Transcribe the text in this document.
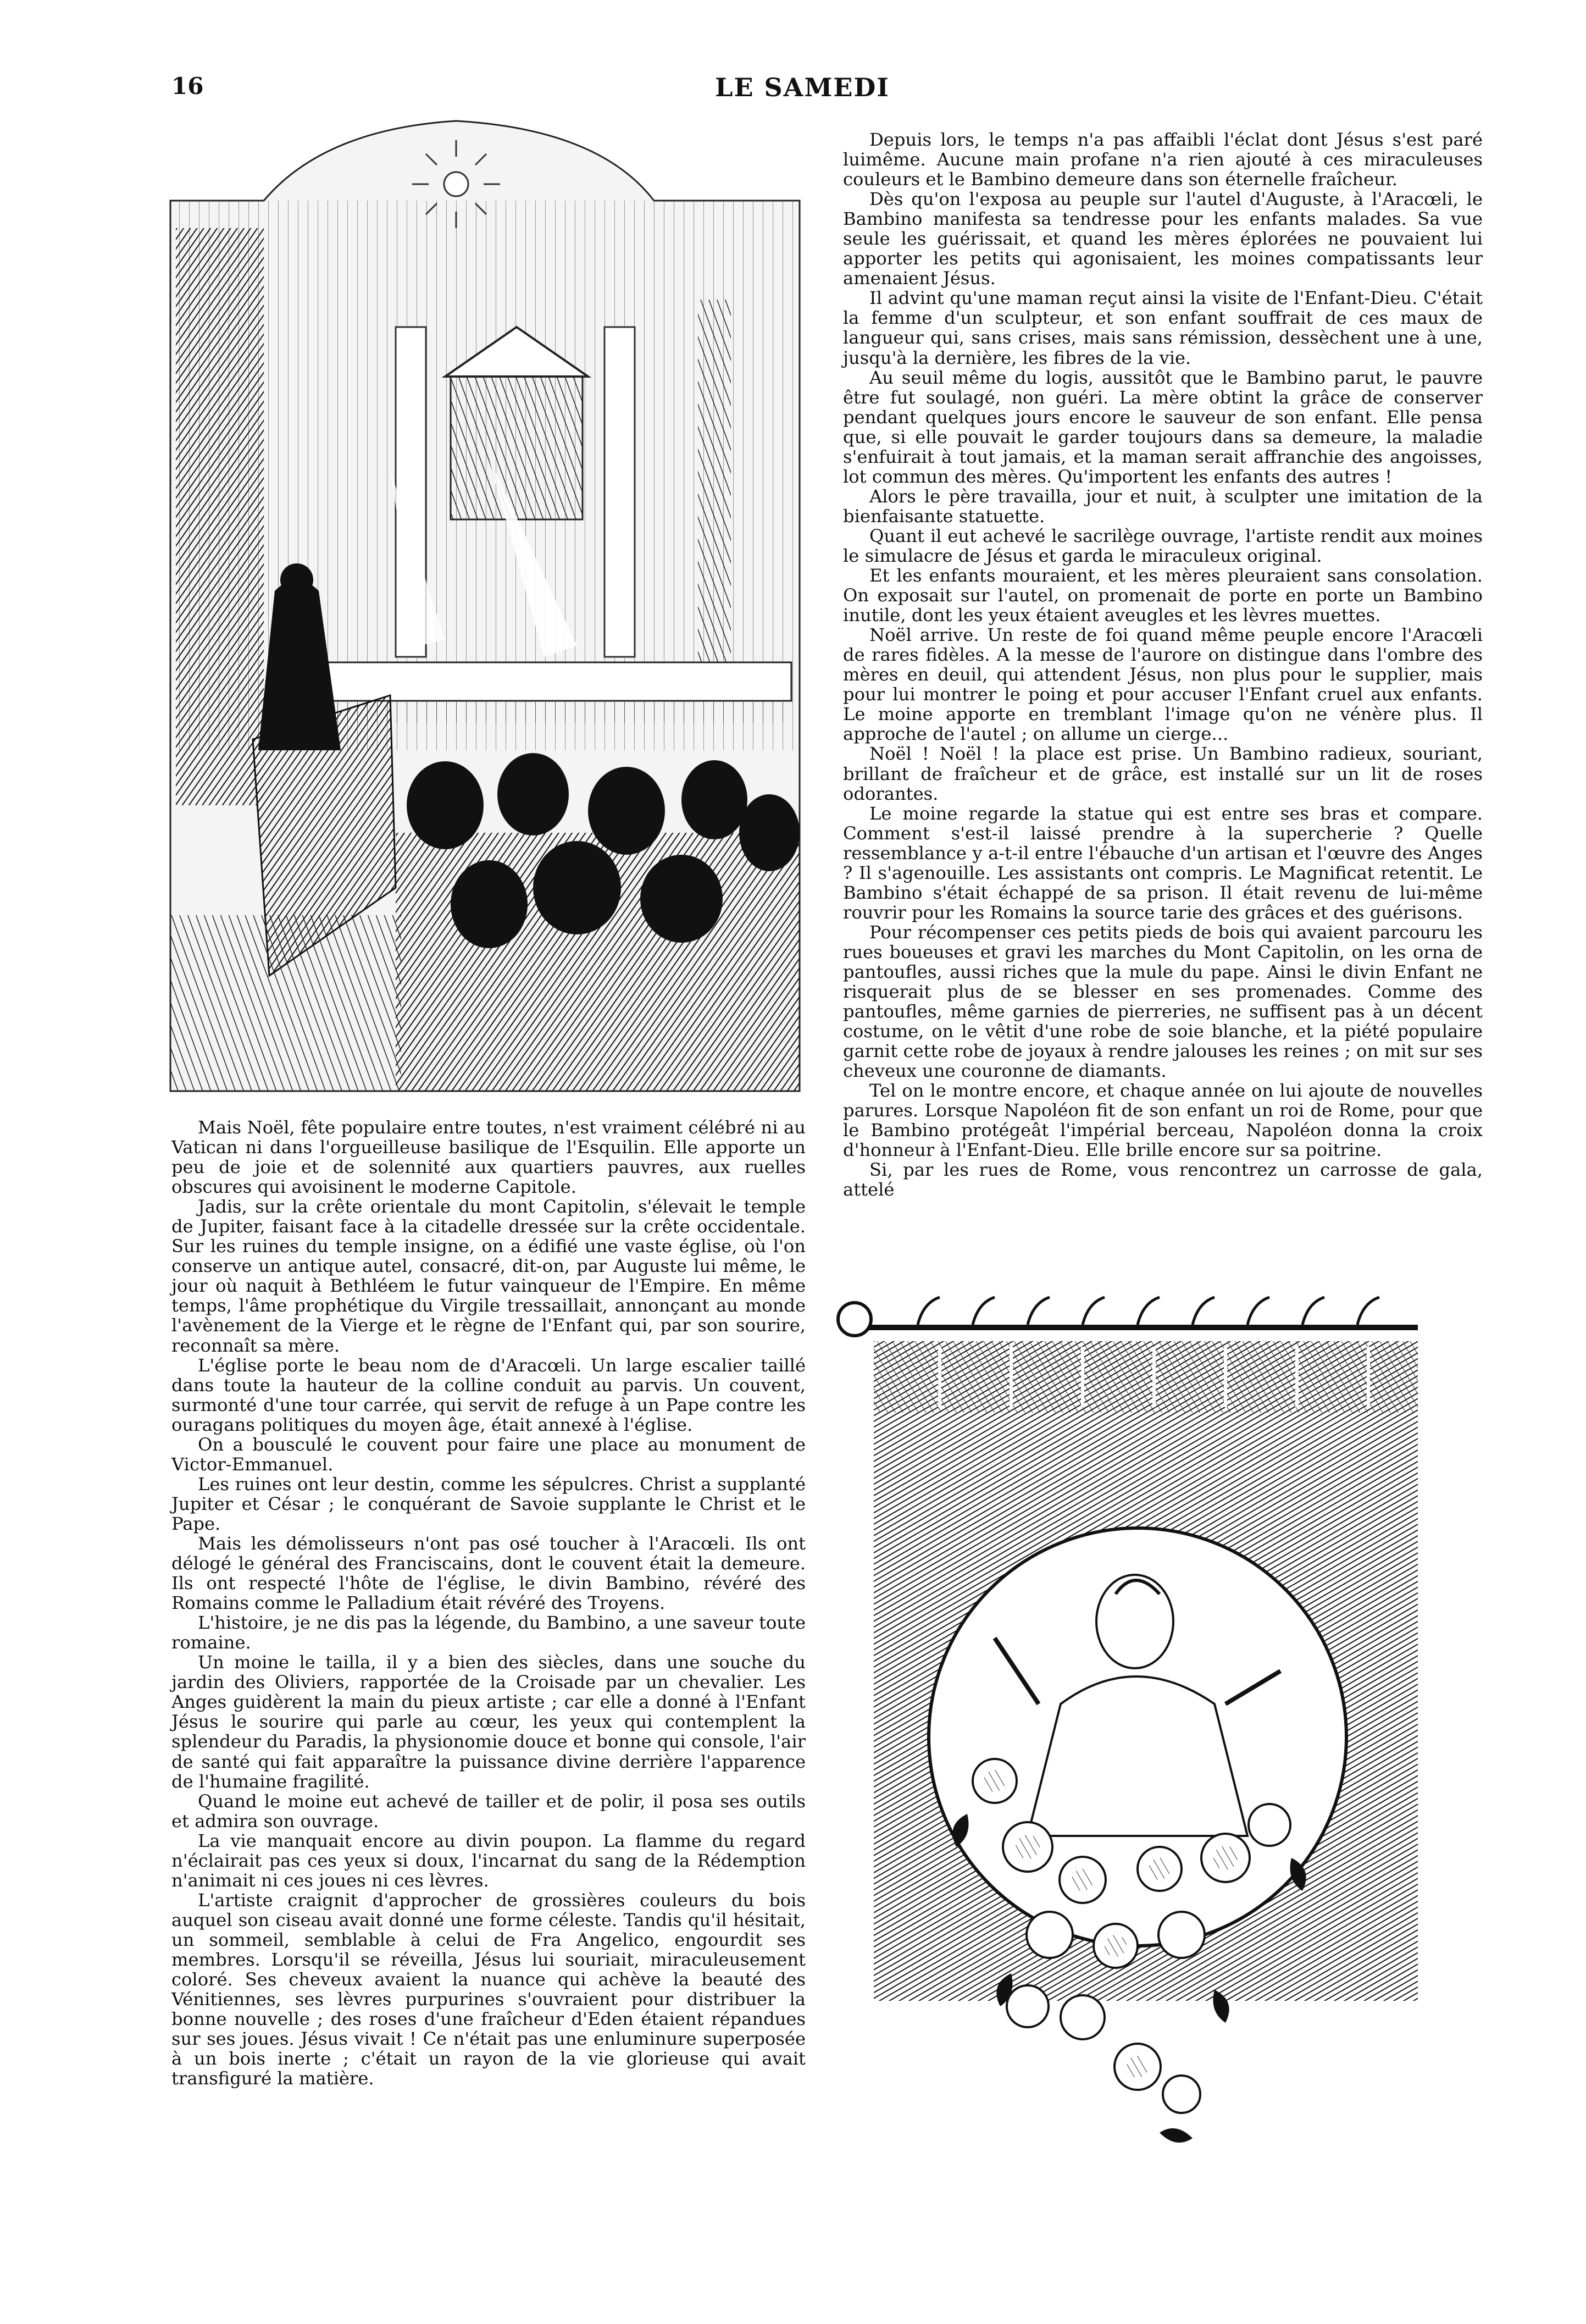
16	LE SAMEDI

Mais Noël, fête populaire entre toutes, n'est vraiment célébré ni au Vatican ni dans l'orgueilleuse basilique de l'Esquilin. Elle apporte un peu de joie et de solennité aux quartiers pauvres, aux ruelles obscures qui avoisinent le moderne Capitole.

Jadis, sur la crête orientale du mont Capitolin, s'élevait le temple de Jupiter, faisant face à la citadelle dressée sur la crête occidentale. Sur les ruines du temple insigne, on a édifié une vaste église, où l'on conserve un antique autel, consacré, dit-on, par Auguste lui même, le jour où naquit à Bethléem le futur vainqueur de l'Empire. En même temps, l'âme prophétique du Virgile tressaillait, annonçant au monde l'avènement de la Vierge et le règne de l'Enfant qui, par son sourire, reconnaît sa mère.

L'église porte le beau nom de d'Aracœli. Un large escalier taillé dans toute la hauteur de la colline conduit au parvis. Un couvent, surmonté d'une tour carrée, qui servit de refuge à un Pape contre les ouragans politiques du moyen âge, était annexé à l'église.

On a bousculé le couvent pour faire une place au monument de Victor-Emmanuel.

Les ruines ont leur destin, comme les sépulcres. Christ a supplanté Jupiter et César ; le conquérant de Savoie supplante le Christ et le Pape.

Mais les démolisseurs n'ont pas osé toucher à l'Aracœli. Ils ont délogé le général des Franciscains, dont le couvent était la demeure. Ils ont respecté l'hôte de l'église, le divin Bambino, révéré des Romains comme le Palladium était révéré des Troyens.

L'histoire, je ne dis pas la légende, du Bambino, a une saveur toute romaine.

Un moine le tailla, il y a bien des siècles, dans une souche du jardin des Oliviers, rapportée de la Croisade par un chevalier. Les Anges guidèrent la main du pieux artiste ; car elle a donné à l'Enfant Jésus le sourire qui parle au cœur, les yeux qui contemplent la splendeur du Paradis, la physionomie douce et bonne qui console, l'air de santé qui fait apparaître la puissance divine derrière l'apparence de l'humaine fragilité.

Quand le moine eut achevé de tailler et de polir, il posa ses outils et admira son ouvrage.

La vie manquait encore au divin poupon. La flamme du regard n'éclairait pas ces yeux si doux, l'incarnat du sang de la Rédemption n'animait ni ces joues ni ces lèvres.

L'artiste craignit d'approcher de grossières couleurs du bois auquel son ciseau avait donné une forme céleste. Tandis qu'il hésitait, un sommeil, semblable à celui de Fra Angelico, engourdit ses membres. Lorsqu'il se réveilla, Jésus lui souriait, miraculeusement coloré. Ses cheveux avaient la nuance qui achève la beauté des Vénitiennes, ses lèvres purpurines s'ouvraient pour distribuer la bonne nouvelle ; des roses d'une fraîcheur d'Eden étaient répandues sur ses joues. Jésus vivait ! Ce n'était pas une enluminure superposée à un bois inerte ; c'était un rayon de la vie glorieuse qui avait transfiguré la matière.

Depuis lors, le temps n'a pas affaibli l'éclat dont Jésus s'est paré luimême. Aucune main profane n'a rien ajouté à ces miraculeuses couleurs et le Bambino demeure dans son éternelle fraîcheur.

Dès qu'on l'exposa au peuple sur l'autel d'Auguste, à l'Aracœli, le Bambino manifesta sa tendresse pour les enfants malades. Sa vue seule les guérissait, et quand les mères éplorées ne pouvaient lui apporter les petits qui agonisaient, les moines compatissants leur amenaient Jésus.

Il advint qu'une maman reçut ainsi la visite de l'Enfant-Dieu. C'était la femme d'un sculpteur, et son enfant souffrait de ces maux de langueur qui, sans crises, mais sans rémission, dessèchent une à une, jusqu'à la dernière, les fibres de la vie.

Au seuil même du logis, aussitôt que le Bambino parut, le pauvre être fut soulagé, non guéri. La mère obtint la grâce de conserver pendant quelques jours encore le sauveur de son enfant. Elle pensa que, si elle pouvait le garder toujours dans sa demeure, la maladie s'enfuirait à tout jamais, et la maman serait affranchie des angoisses, lot commun des mères. Qu'importent les enfants des autres !

Alors le père travailla, jour et nuit, à sculpter une imitation de la bienfaisante statuette.

Quant il eut achevé le sacrilège ouvrage, l'artiste rendit aux moines le simulacre de Jésus et garda le miraculeux original.

Et les enfants mouraient, et les mères pleuraient sans consolation. On exposait sur l'autel, on promenait de porte en porte un Bambino inutile, dont les yeux étaient aveugles et les lèvres muettes.

Noël arrive. Un reste de foi quand même peuple encore l'Aracœli de rares fidèles. A la messe de l'aurore on distingue dans l'ombre des mères en deuil, qui attendent Jésus, non plus pour le supplier, mais pour lui montrer le poing et pour accuser l'Enfant cruel aux enfants. Le moine apporte en tremblant l'image qu'on ne vénère plus. Il approche de l'autel ; on allume un cierge...

Noël ! Noël ! la place est prise. Un Bambino radieux, souriant, brillant de fraîcheur et de grâce, est installé sur un lit de roses odorantes.

Le moine regarde la statue qui est entre ses bras et compare. Comment s'est-il laissé prendre à la supercherie ? Quelle ressemblance y a-t-il entre l'ébauche d'un artisan et l'œuvre des Anges ? Il s'agenouille. Les assistants ont compris. Le Magnificat retentit. Le Bambino s'était échappé de sa prison. Il était revenu de lui-même rouvrir pour les Romains la source tarie des grâces et des guérisons.

Pour récompenser ces petits pieds de bois qui avaient parcouru les rues boueuses et gravi les marches du Mont Capitolin, on les orna de pantoufles, aussi riches que la mule du pape. Ainsi le divin Enfant ne risquerait plus de se blesser en ses promenades. Comme des pantoufles, même garnies de pierreries, ne suffisent pas à un décent costume, on le vêtit d'une robe de soie blanche, et la piété populaire garnit cette robe de joyaux à rendre jalouses les reines ; on mit sur ses cheveux une couronne de diamants.

Tel on le montre encore, et chaque année on lui ajoute de nouvelles parures. Lorsque Napoléon fit de son enfant un roi de Rome, pour que le Bambino protégeât l'impérial berceau, Napoléon donna la croix d'honneur à l'Enfant-Dieu. Elle brille encore sur sa poitrine.

Si, par les rues de Rome, vous rencontrez un carrosse de gala, attelé
